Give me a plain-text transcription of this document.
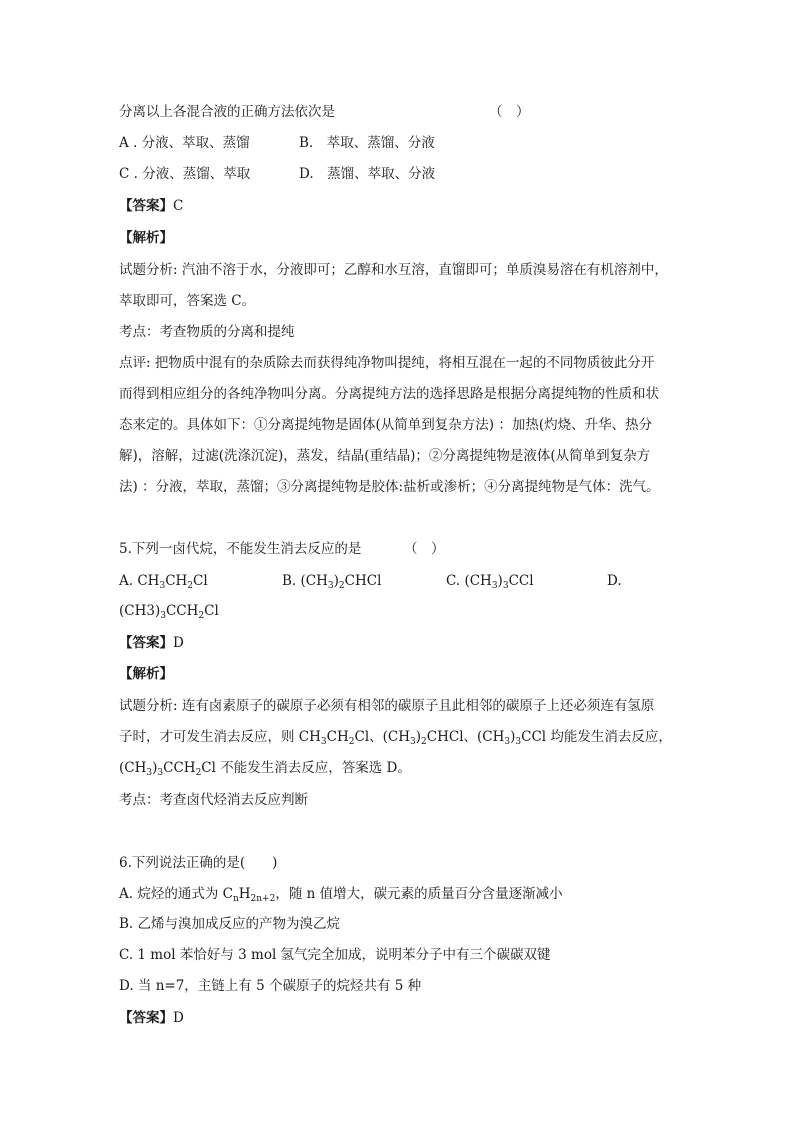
分离以上各混合液的正确方法依次是	（　）
A . 分液、萃取、蒸馏	B.　萃取、蒸馏、分液
C . 分液、蒸馏、萃取	D.　蒸馏、萃取、分液
【答案】C
【解析】
试题分析: 汽油不溶于水，分液即可；乙醇和水互溶，直馏即可；单质溴易溶在有机溶剂中，
萃取即可，答案选 C。
考点：考查物质的分离和提纯
点评: 把物质中混有的杂质除去而获得纯净物叫提纯，将相互混在一起的不同物质彼此分开
而得到相应组分的各纯净物叫分离。分离提纯方法的选择思路是根据分离提纯物的性质和状
态来定的。具体如下：①分离提纯物是固体(从简单到复杂方法) ：加热(灼烧、升华、热分
解)，溶解，过滤(洗涤沉淀)，蒸发，结晶(重结晶)；②分离提纯物是液体(从简单到复杂方
法) ：分液，萃取，蒸馏；③分离提纯物是胶体:盐析或渗析；④分离提纯物是气体：洗气。
5.下列一卤代烷，不能发生消去反应的是	（　）
A. $CH_3CH_2Cl$	B. $(CH_3)_2CHCl$	C. $(CH_3)_3CCl$	D.
$(CH3)_3CCH_2Cl$
【答案】D
【解析】
试题分析: 连有卤素原子的碳原子必须有相邻的碳原子且此相邻的碳原子上还必须连有氢原
子时，才可发生消去反应，则 $CH_3CH_2Cl$、$(CH_3)_2CHCl$、$(CH_3)_3CCl$ 均能发生消去反应，
$(CH_3)_3CCH_2Cl$ 不能发生消去反应，答案选 D。
考点：考查卤代烃消去反应判断
6.下列说法正确的是(　　)
A. 烷烃的通式为 $C_nH_{2n+2}$，随 n 值增大，碳元素的质量百分含量逐渐减小
B. 乙烯与溴加成反应的产物为溴乙烷
C. 1 mol 苯恰好与 3 mol 氢气完全加成，说明苯分子中有三个碳碳双键
D. 当 n=7，主链上有 5 个碳原子的烷烃共有 5 种
【答案】D
